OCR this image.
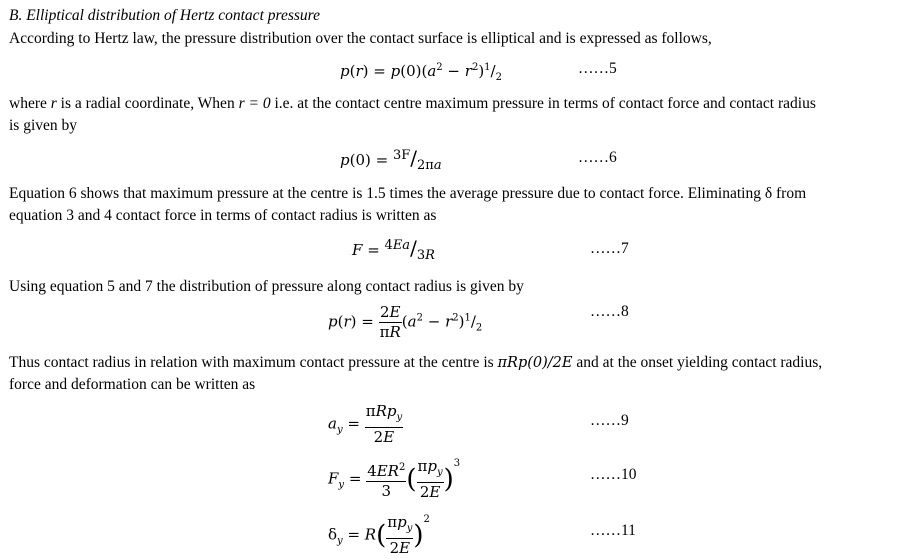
B. Elliptical distribution of Hertz contact pressure
According to Hertz law, the pressure distribution over the contact surface is elliptical and is expressed as follows,
$p(r) = p(0)(a^2 - r^2)^1/_2$
……5
where r is a radial coordinate, When r = 0 i.e. at the contact centre maximum pressure in terms of contact force and contact radius
is given by
$p(0) = ^{3F}/_{2\pi a}$	……6
Equation 6 shows that maximum pressure at the centre is 1.5 times the average pressure due to contact force. Eliminating δ from
equation 3 and 4 contact force in terms of contact radius is written as
$F = ^{4Ea}/_{3R}$	……7
Using equation 5 and 7 the distribution of pressure along contact radius is given by
$p(r) = \frac{2E}{\pi R} (a^2 - r^2)^1/_2$
……8
Thus contact radius in relation with maximum contact pressure at the centre is πRp(0)/2E and at the onset yielding contact radius,
force and deformation can be written as
$a_y = \frac{\pi Rp_y}{2E}$	……9
$F_y = \frac{4ER^2}{3}$ ( $\frac{\pi p_y}{2E} )^3$
……10
$\delta_y = R( \frac{\pi p_y}{2E} )^2$
……11
